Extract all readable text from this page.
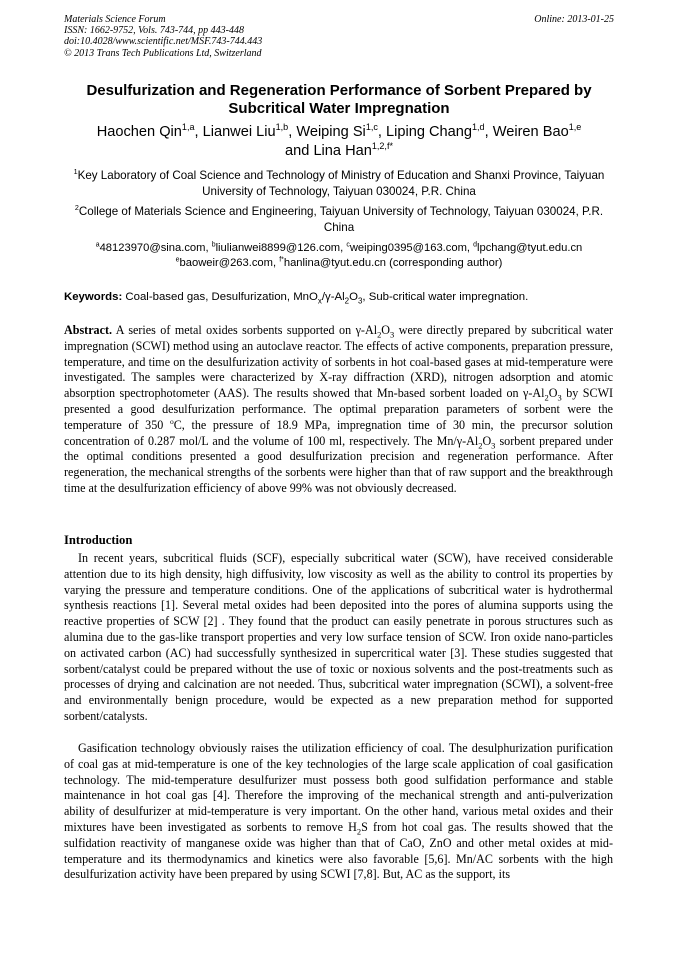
Materials Science Forum
ISSN: 1662-9752, Vols. 743-744, pp 443-448
doi:10.4028/www.scientific.net/MSF.743-744.443
© 2013 Trans Tech Publications Ltd, Switzerland
Online: 2013-01-25
Desulfurization and Regeneration Performance of Sorbent Prepared by Subcritical Water Impregnation
Haochen Qin$^{1,a}$, Lianwei Liu$^{1,b}$, Weiping Si$^{1,c}$, Liping Chang$^{1,d}$, Weiren Bao$^{1,e}$
and Lina Han$^{1,2,f*}$
$^1$Key Laboratory of Coal Science and Technology of Ministry of Education and Shanxi Province, Taiyuan University of Technology, Taiyuan 030024, P.R. China
$^2$College of Materials Science and Engineering, Taiyuan University of Technology, Taiyuan 030024, P.R. China
$^a$48123970@sina.com, $^b$liulianwei8899@126.com, $^c$weiping0395@163.com, $^d$lpchang@tyut.edu.cn
$^e$baoweir@263.com, $^{f*}$hanlina@tyut.edu.cn (corresponding author)
Keywords: Coal-based gas, Desulfurization, $MnO_x/\gamma-Al_2O_3$, Sub-critical water impregnation.
Abstract. A series of metal oxides sorbents supported on $\gamma-Al_2O_3$ were directly prepared by subcritical water impregnation (SCWI) method using an autoclave reactor. The effects of active components, preparation pressure, temperature, and time on the desulfurization activity of sorbents in hot coal-based gases at mid-temperature were investigated. The samples were characterized by X-ray diffraction (XRD), nitrogen adsorption and atomic absorption spectrophotometer (AAS). The results showed that Mn-based sorbent loaded on $\gamma-Al_2O_3$ by SCWI presented a good desulfurization performance. The optimal preparation parameters of sorbent were the temperature of 350 $^o$C, the pressure of 18.9 MPa, impregnation time of 30 min, the precursor solution concentration of 0.287 mol/L and the volume of 100 ml, respectively. The $Mn/\gamma-Al_2O_3$ sorbent prepared under the optimal conditions presented a good desulfurization precision and regeneration performance. After regeneration, the mechanical strengths of the sorbents were higher than that of raw support and the breakthrough time at the desulfurization efficiency of above 99% was not obviously decreased.
Introduction
In recent years, subcritical fluids (SCF), especially subcritical water (SCW), have received considerable attention due to its high density, high diffusivity, low viscosity as well as the ability to control its properties by varying the pressure and temperature conditions. One of the applications of subcritical water is hydrothermal synthesis reactions [1]. Several metal oxides had been deposited into the pores of alumina supports using the reactive properties of SCW [2] . They found that the product can easily penetrate in porous structures such as alumina due to the gas-like transport properties and very low surface tension of SCW. Iron oxide nano-particles on activated carbon (AC) had successfully synthesized in supercritical water [3]. These studies suggested that sorbent/catalyst could be prepared without the use of toxic or noxious solvents and the post-treatments such as processes of drying and calcination are not needed. Thus, subcritical water impregnation (SCWI), a solvent-free and environmentally benign procedure, would be expected as a new preparation method for supported sorbent/catalysts.
Gasification technology obviously raises the utilization efficiency of coal. The desulphurization purification of coal gas at mid-temperature is one of the key technologies of the large scale application of coal gasification technology. The mid-temperature desulfurizer must possess both good sulfidation performance and stable maintenance in hot coal gas [4]. Therefore the improving of the mechanical strength and anti-pulverization ability of desulfurizer at mid-temperature is very important. On the other hand, various metal oxides and their mixtures have been investigated as sorbents to remove $H_2S$ from hot coal gas. The results showed that the sulfidation reactivity of manganese oxide was higher than that of CaO, ZnO and other metal oxides at mid-temperature and its thermodynamics and kinetics were also favorable [5,6]. Mn/AC sorbents with the high desulfurization activity have been prepared by using SCWI [7,8]. But, AC as the support, its
